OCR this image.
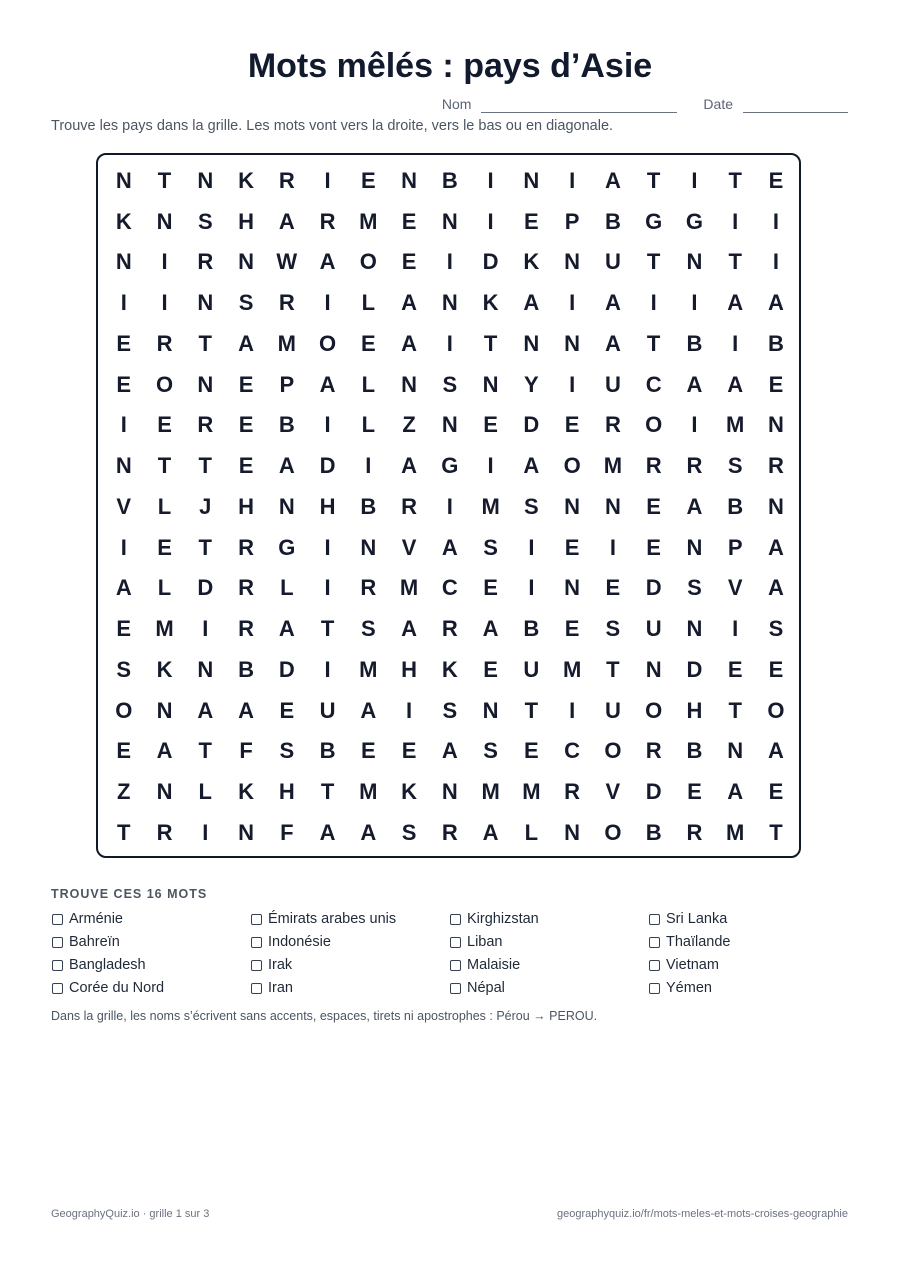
Mots mêlés : pays d’Asie
Nom	Date
Trouve les pays dans la grille. Les mots vont vers la droite, vers le bas ou en diagonale.
N	T	N	K	R	I	E	N	B	I	N	I	A	T	I	T	E
K	N	S	H	A	R	M	E	N	I	E	P	B	G	G	I	I
N	I	R	N	W	A	O	E	I	D	K	N	U	T	N	T	I
I	I	N	S	R	I	L	A	N	K	A	I	A	I	I	A	A
E	R	T	A	M	O	E	A	I	T	N	N	A	T	B	I	B
E	O	N	E	P	A	L	N	S	N	Y	I	U	C	A	A	E
I	E	R	E	B	I	L	Z	N	E	D	E	R	O	I	M	N
N	T	T	E	A	D	I	A	G	I	A	O	M	R	R	S	R
V	L	J	H	N	H	B	R	I	M	S	N	N	E	A	B	N
I	E	T	R	G	I	N	V	A	S	I	E	I	E	N	P	A
A	L	D	R	L	I	R	M	C	E	I	N	E	D	S	V	A
E	M	I	R	A	T	S	A	R	A	B	E	S	U	N	I	S
S	K	N	B	D	I	M	H	K	E	U	M	T	N	D	E	E
O	N	A	A	E	U	A	I	S	N	T	I	U	O	H	T	O
E	A	T	F	S	B	E	E	A	S	E	C	O	R	B	N	A
Z	N	L	K	H	T	M	K	N	M	M	R	V	D	E	A	E
T	R	I	N	F	A	A	S	R	A	L	N	O	B	R	M	T
TROUVE CES 16 MOTS
Arménie
Bahreïn
Bangladesh
Corée du Nord
Émirats arabes unis
Indonésie
Irak
Iran
Kirghizstan
Liban
Malaisie
Népal
Sri Lanka
Thaïlande
Vietnam
Yémen
Dans la grille, les noms s’écrivent sans accents, espaces, tirets ni apostrophes : Pérou → PEROU.
GeographyQuiz.io · grille 1 sur 3	geographyquiz.io/fr/mots-meles-et-mots-croises-geographie
